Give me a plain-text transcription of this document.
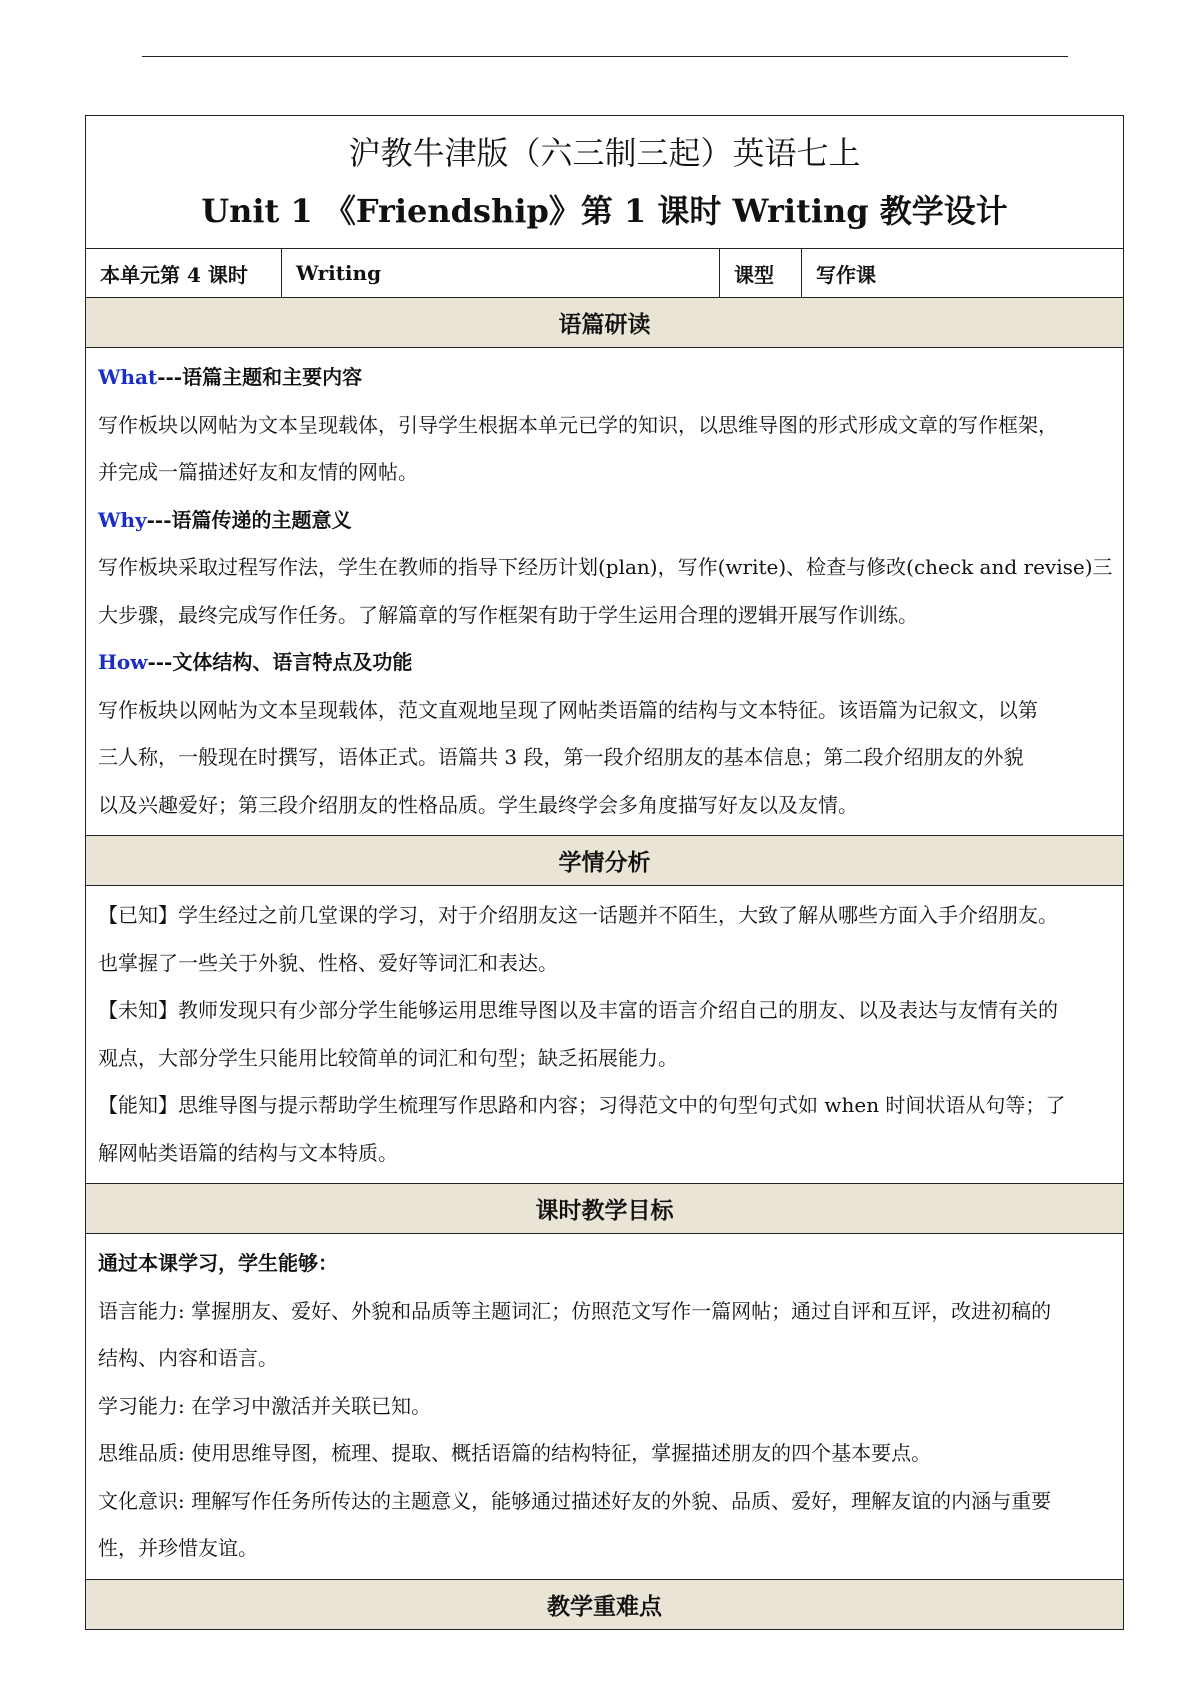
沪教牛津版（六三制三起）英语七上
Unit 1 《Friendship》第 1 课时 Writing 教学设计

本单元第 4 课时	Writing	课型	写作课
语篇研读

What---语篇主题和主要内容
写作板块以网帖为文本呈现载体，引导学生根据本单元已学的知识，以思维导图的形式形成文章的写作框架，
并完成一篇描述好友和友情的网帖。
Why---语篇传递的主题意义
写作板块采取过程写作法，学生在教师的指导下经历计划(plan)，写作(write)、检查与修改(check and revise)三
大步骤，最终完成写作任务。了解篇章的写作框架有助于学生运用合理的逻辑开展写作训练。
How---文体结构、语言特点及功能
写作板块以网帖为文本呈现载体，范文直观地呈现了网帖类语篇的结构与文本特征。该语篇为记叙文，以第
三人称，一般现在时撰写，语体正式。语篇共 3 段，第一段介绍朋友的基本信息；第二段介绍朋友的外貌
以及兴趣爱好；第三段介绍朋友的性格品质。学生最终学会多角度描写好友以及友情。

学情分析

【已知】学生经过之前几堂课的学习，对于介绍朋友这一话题并不陌生，大致了解从哪些方面入手介绍朋友。
也掌握了一些关于外貌、性格、爱好等词汇和表达。
【未知】教师发现只有少部分学生能够运用思维导图以及丰富的语言介绍自己的朋友、以及表达与友情有关的
观点，大部分学生只能用比较简单的词汇和句型；缺乏拓展能力。
【能知】思维导图与提示帮助学生梳理写作思路和内容；习得范文中的句型句式如 when 时间状语从句等；了
解网帖类语篇的结构与文本特质。

课时教学目标

通过本课学习，学生能够：
语言能力: 掌握朋友、爱好、外貌和品质等主题词汇；仿照范文写作一篇网帖；通过自评和互评，改进初稿的
结构、内容和语言。
学习能力: 在学习中激活并关联已知。
思维品质: 使用思维导图，梳理、提取、概括语篇的结构特征，掌握描述朋友的四个基本要点。
文化意识: 理解写作任务所传达的主题意义，能够通过描述好友的外貌、品质、爱好，理解友谊的内涵与重要
性，并珍惜友谊。

教学重难点
